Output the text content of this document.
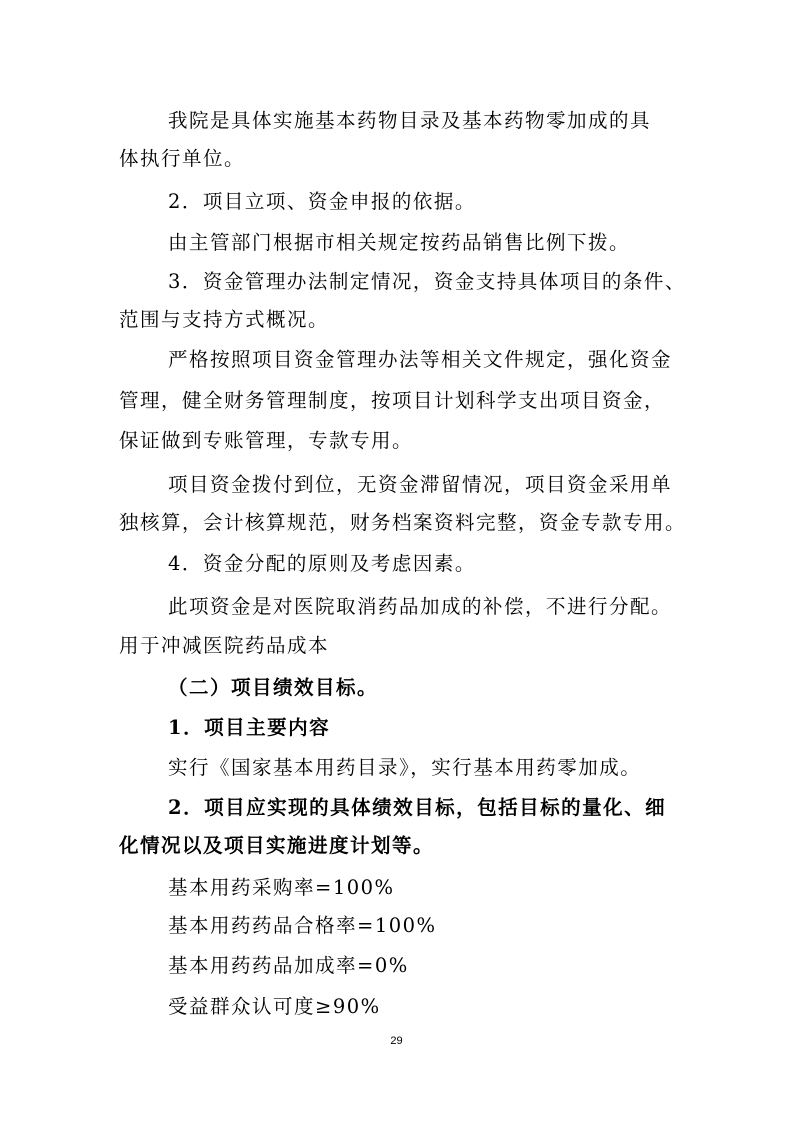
我院是具体实施基本药物目录及基本药物零加成的具
体执行单位。
2．项目立项、资金申报的依据。
由主管部门根据市相关规定按药品销售比例下拨。
3．资金管理办法制定情况，资金支持具体项目的条件、
范围与支持方式概况。
严格按照项目资金管理办法等相关文件规定，强化资金
管理，健全财务管理制度，按项目计划科学支出项目资金，
保证做到专账管理，专款专用。
项目资金拨付到位，无资金滞留情况，项目资金采用单
独核算，会计核算规范，财务档案资料完整，资金专款专用。
4．资金分配的原则及考虑因素。
此项资金是对医院取消药品加成的补偿，不进行分配。
用于冲减医院药品成本
（二）项目绩效目标。
1．项目主要内容
实行《国家基本用药目录》，实行基本用药零加成。
2．项目应实现的具体绩效目标，包括目标的量化、细
化情况以及项目实施进度计划等。
基本用药采购率=100%
基本用药药品合格率=100%
基本用药药品加成率=0%
受益群众认可度≥90%
29
